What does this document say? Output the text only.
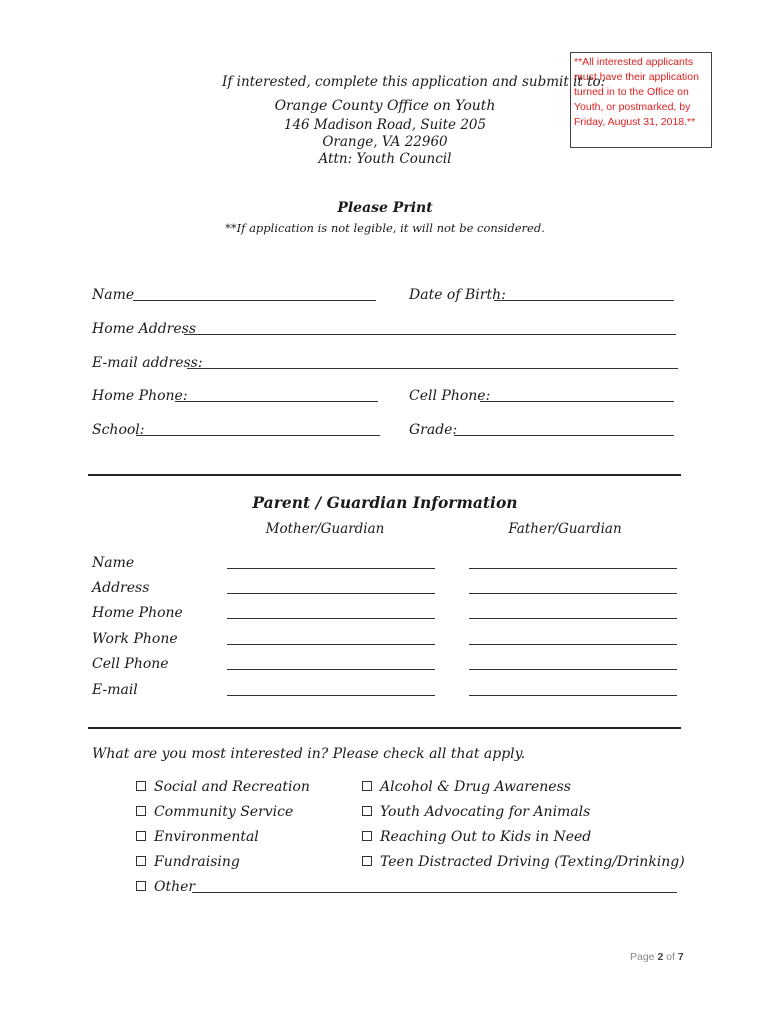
**All interested applicants must have their application turned in to the Office on Youth, or postmarked, by Friday, August 31, 2018.**
If interested, complete this application and submit it to:
Orange County Office on Youth
146 Madison Road, Suite 205
Orange, VA 22960
Attn: Youth Council
Please Print
**If application is not legible, it will not be considered.
Name	Date of Birth:
Home Address
E-mail address:
Home Phone:	Cell Phone:
School:	Grade:
Parent / Guardian Information
Mother/Guardian	Father/Guardian
Name
Address
Home Phone
Work Phone
Cell Phone
E-mail
What are you most interested in? Please check all that apply.
Social and Recreation
Community Service
Environmental
Fundraising
Other
Alcohol & Drug Awareness
Youth Advocating for Animals
Reaching Out to Kids in Need
Teen Distracted Driving (Texting/Drinking)
Page 2 of 7
